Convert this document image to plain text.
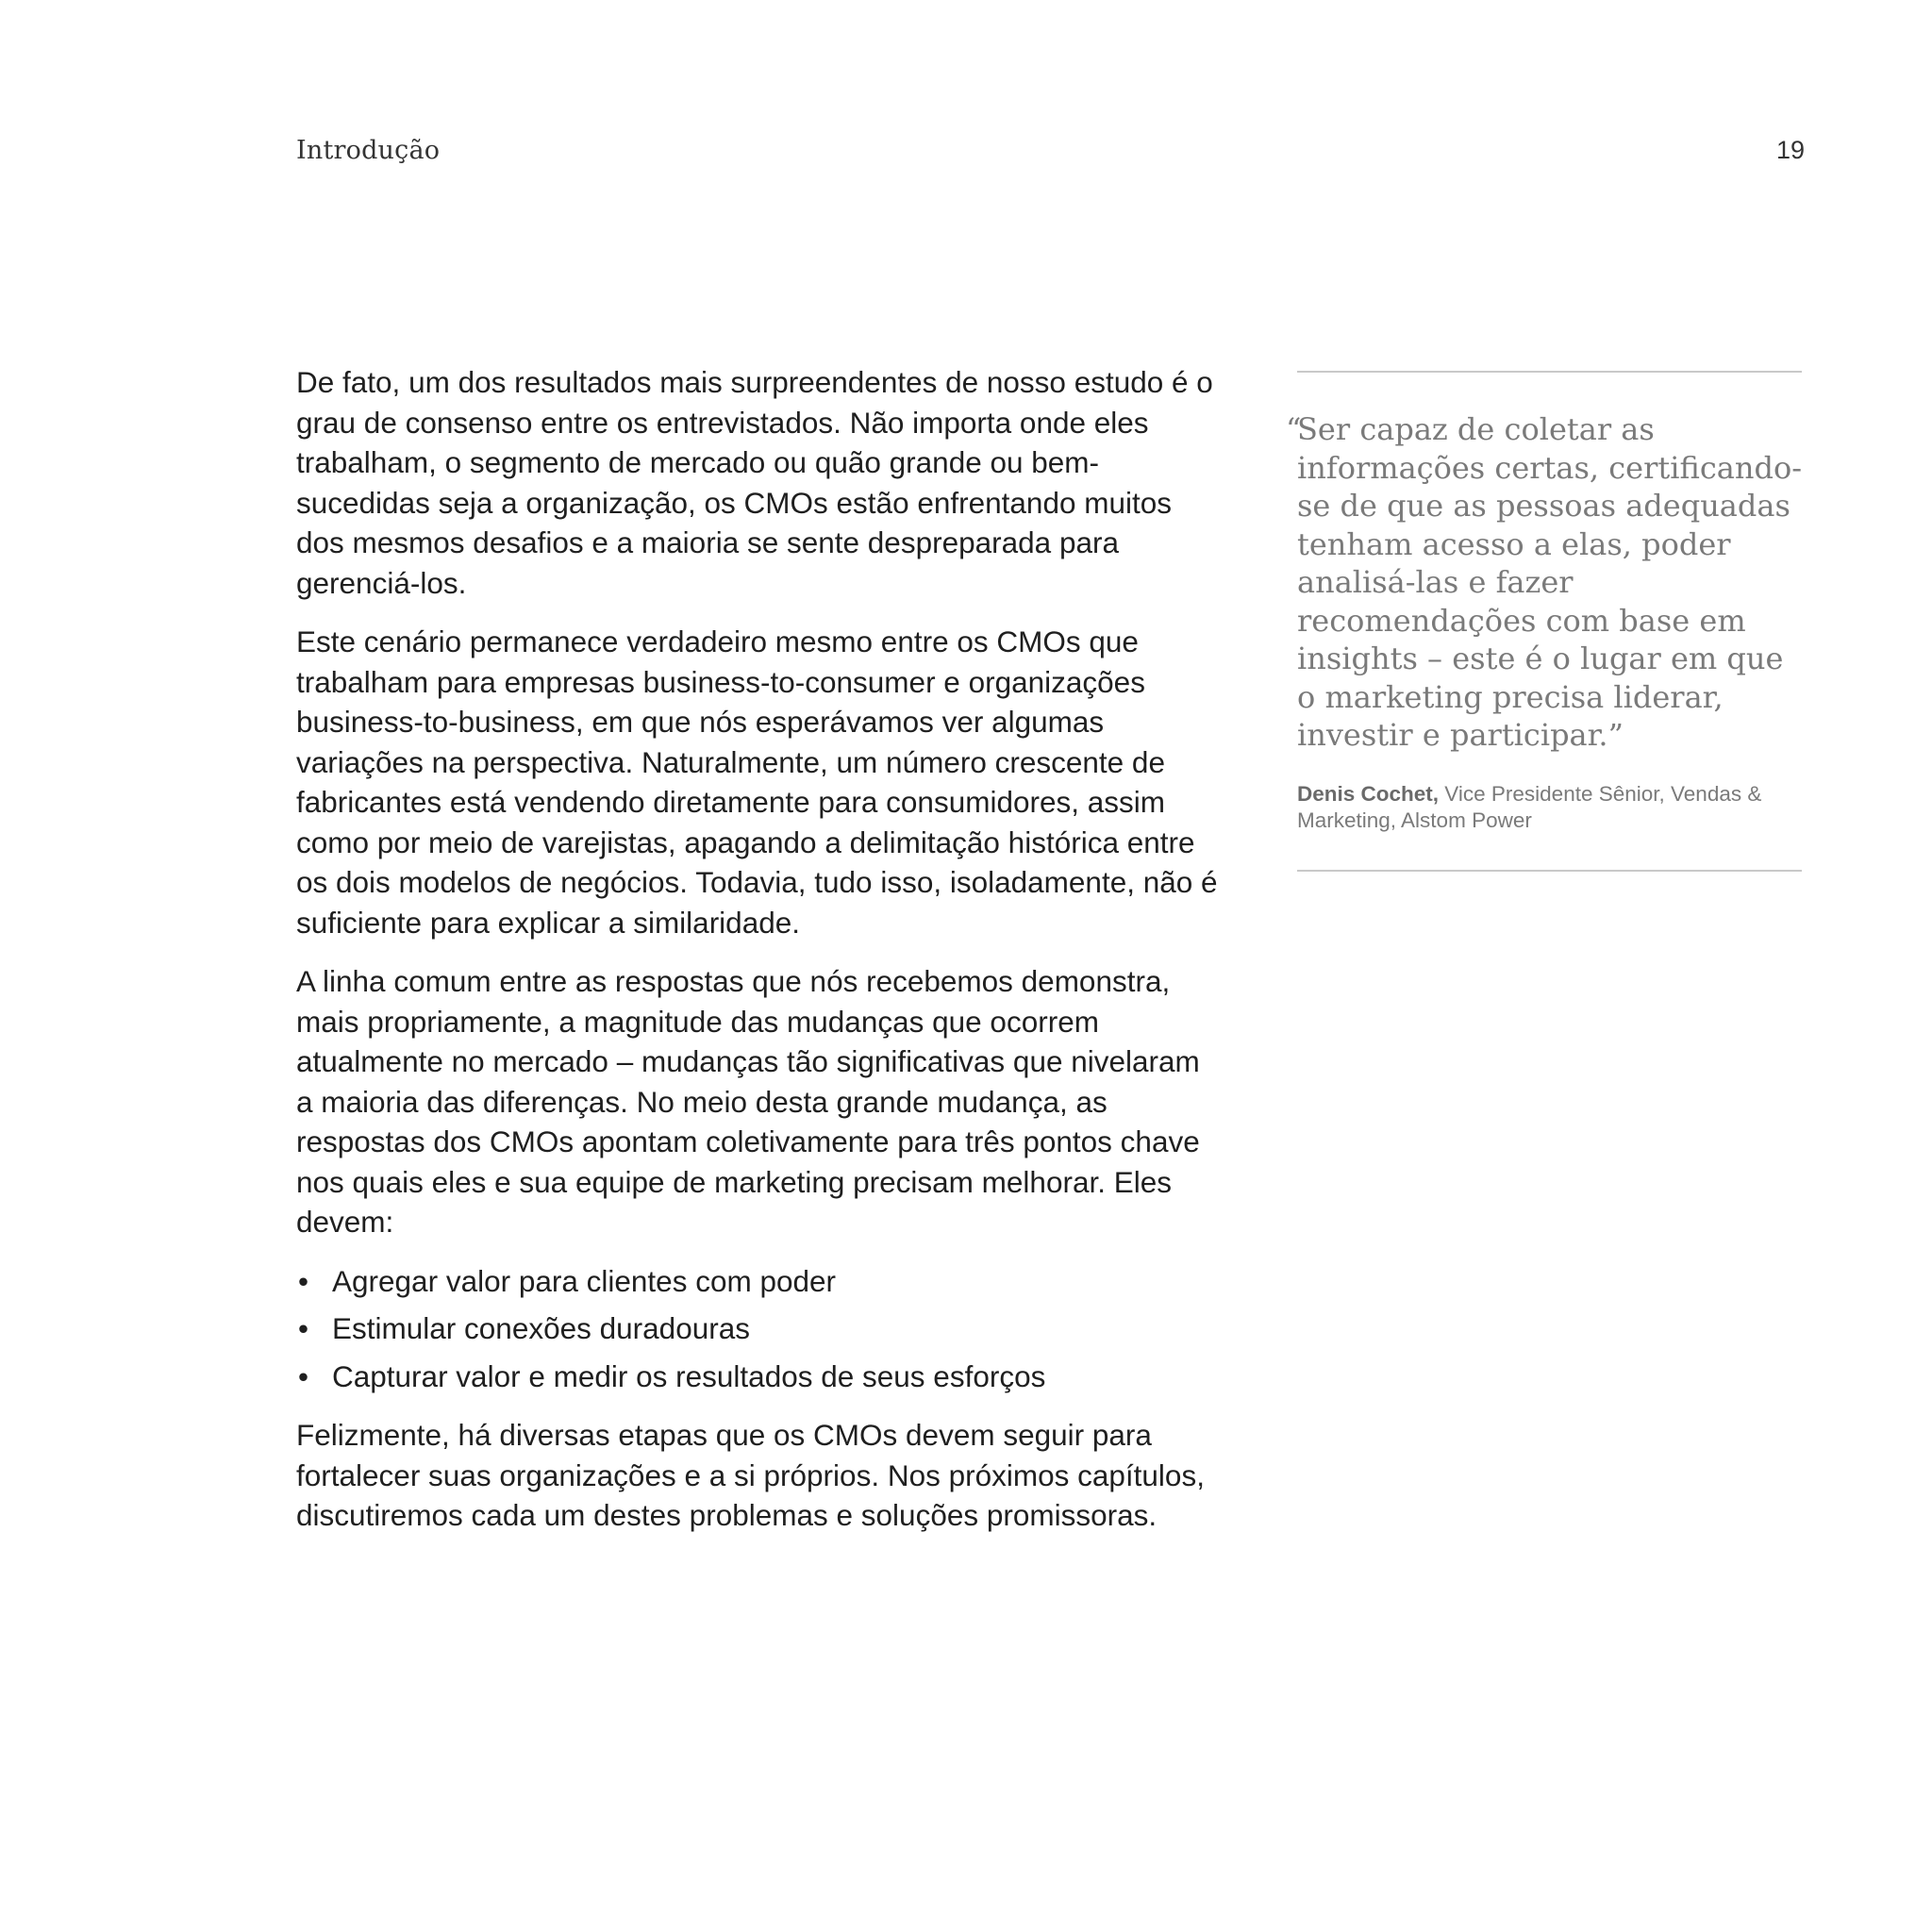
Introdução	19

De fato, um dos resultados mais surpreendentes de nosso estudo é o grau de consenso entre os entrevistados. Não importa onde eles trabalham, o segmento de mercado ou quão grande ou bem-sucedidas seja a organização, os CMOs estão enfrentando muitos dos mesmos desafios e a maioria se sente despreparada para gerenciá-los.

Este cenário permanece verdadeiro mesmo entre os CMOs que trabalham para empresas business-to-consumer e organizações business-to-business, em que nós esperávamos ver algumas variações na perspectiva. Naturalmente, um número crescente de fabricantes está vendendo diretamente para consumidores, assim como por meio de varejistas, apagando a delimitação histórica entre os dois modelos de negócios. Todavia, tudo isso, isoladamente, não é suficiente para explicar a similaridade.

A linha comum entre as respostas que nós recebemos demonstra, mais propriamente, a magnitude das mudanças que ocorrem atualmente no mercado – mudanças tão significativas que nivelaram a maioria das diferenças. No meio desta grande mudança, as respostas dos CMOs apontam coletivamente para três pontos chave nos quais eles e sua equipe de marketing precisam melhorar. Eles devem:

• Agregar valor para clientes com poder
• Estimular conexões duradouras
• Capturar valor e medir os resultados de seus esforços

Felizmente, há diversas etapas que os CMOs devem seguir para fortalecer suas organizações e a si próprios. Nos próximos capítulos, discutiremos cada um destes problemas e soluções promissoras.

“
Ser capaz de coletar as informações certas, certificando-se de que as pessoas adequadas tenham acesso a elas, poder analisá-las e fazer recomendações com base em insights – este é o lugar em que o marketing precisa liderar, investir e participar.”
Denis Cochet, Vice Presidente Sênior, Vendas & Marketing, Alstom Power
